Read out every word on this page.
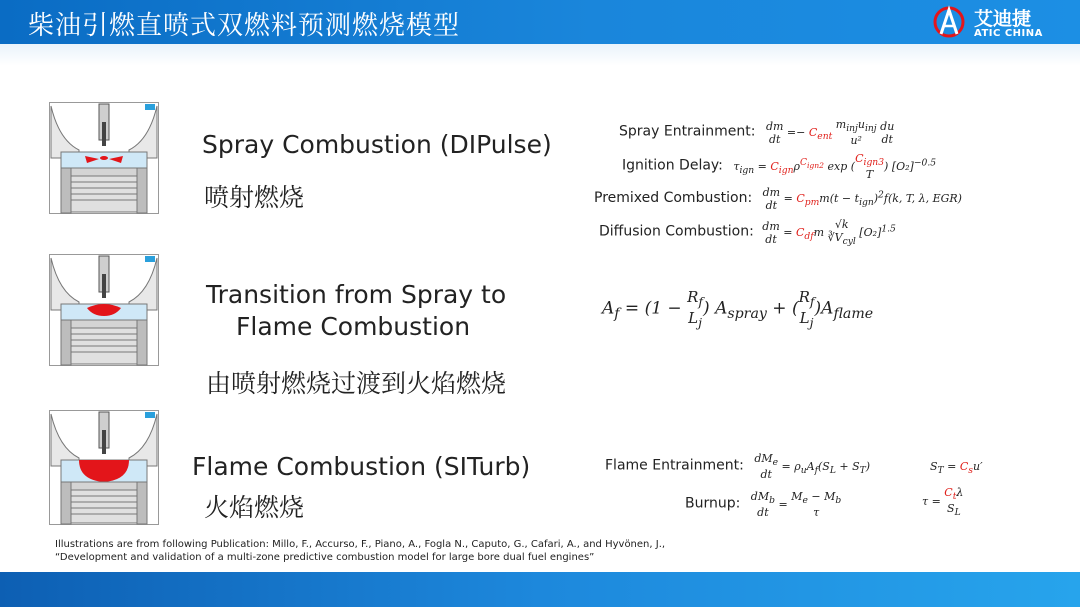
柴油引燃直喷式双燃料预测燃烧模型	艾迪捷
ATIC CHINA
Spray Combustion (DIPulse)
喷射燃烧
Spray Entrainment: dm
dt =− $C_{ent}$ $m_{inj}u_{inj}$
u² du
dt
Ignition Delay: $\tau_{ign} = C_{ign}\rho^{C_{ign2}}$ $\exp (C_{ign3}$
T) $[O_2]^{-0.5}$
Premixed Combustion: dm
dt = $C_{pm}m(t - t_{ign})^2f(k$, T, λ, EGR)
Diffusion Combustion: dm
dt = $C_{df}m$ √k
$∛V_{cyl}$ $[O_2]^{1.5}$
Transition from Spray to
Flame Combustion
由喷射燃烧过渡到火焰燃烧
$A_f = (1 - R_f$
$L_j$) $A_{spray} + (R_f$
$L_j)A_{flame}$
Flame Combustion (SITurb)
火焰燃烧
Flame Entrainment: $dM_e$
dt = $\rho_uA_f(S_L + S_T)$	$S_T = C_su'$
Burnup: $dM_b$
dt = $M_e - M_b$
τ
$\tau = C_t\lambda$
$S_L$
Illustrations are from following Publication: Millo, F., Accurso, F., Piano, A., Fogla N., Caputo, G., Cafari, A., and Hyvönen, J.,
“Development and validation of a multi-zone predictive combustion model for large bore dual fuel engines”
